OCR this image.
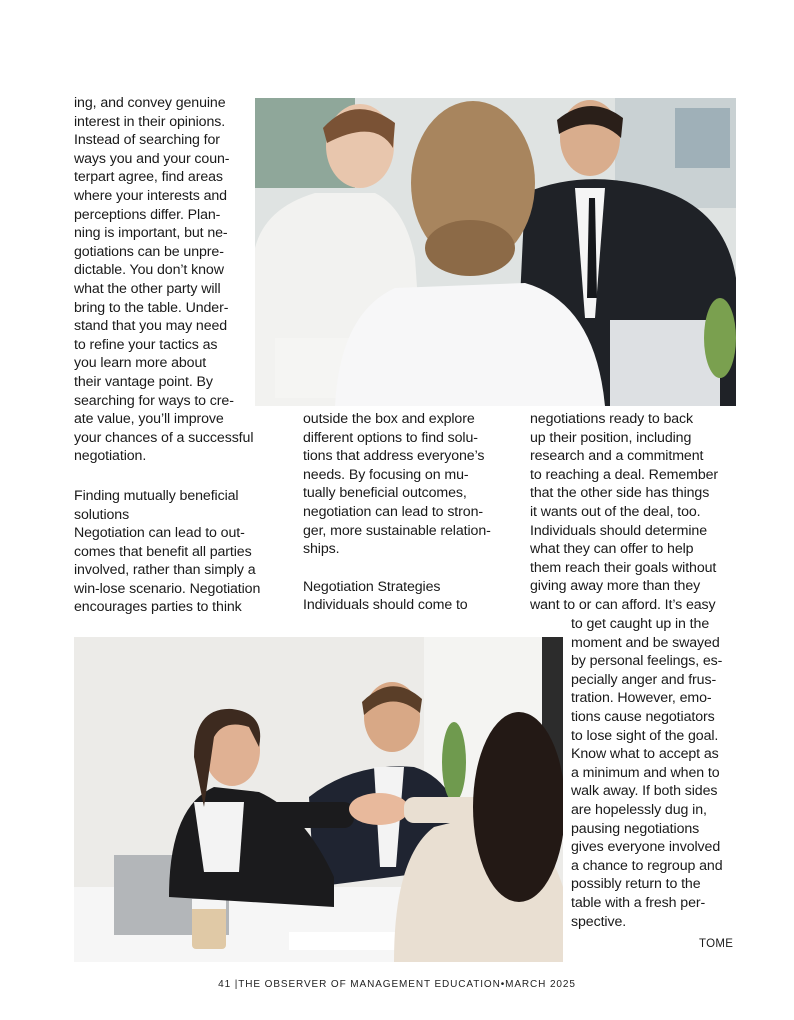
ing, and convey genuine
interest in their opinions.
Instead of searching for
ways you and your coun-
terpart agree, find areas
where your interests and
perceptions differ. Plan-
ning is important, but ne-
gotiations can be unpre-
dictable. You don’t know
what the other party will
bring to the table. Under-
stand that you may need
to refine your tactics as
you learn more about
their vantage point. By
searching for ways to cre-
ate value, you’ll improve
your chances of a successful
negotiation.
Finding mutually beneficial
solutions
Negotiation can lead to out-
comes that benefit all parties
involved, rather than simply a
win-lose scenario. Negotiation
encourages parties to think
outside the box and explore
different options to find solu-
tions that address everyone’s
needs. By focusing on mu-
tually beneficial outcomes,
negotiation can lead to stron-
ger, more sustainable relation-
ships.
Negotiation Strategies
Individuals should come to
negotiations ready to back
up their position, including
research and a commitment
to reaching a deal. Remember
that the other side has things
it wants out of the deal, too.
Individuals should determine
what they can offer to help
them reach their goals without
giving away more than they
want to or can afford. It’s easy
to get caught up in the
moment and be swayed
by personal feelings, es-
pecially anger and frus-
tration. However, emo-
tions cause negotiators
to lose sight of the goal.
Know what to accept as
a minimum and when to
walk away. If both sides
are hopelessly dug in,
pausing negotiations
gives everyone involved
a chance to regroup and
possibly return to the
table with a fresh per-
spective.
TOME
41 |THE OBSERVER OF MANAGEMENT EDUCATION•MARCH 2025
